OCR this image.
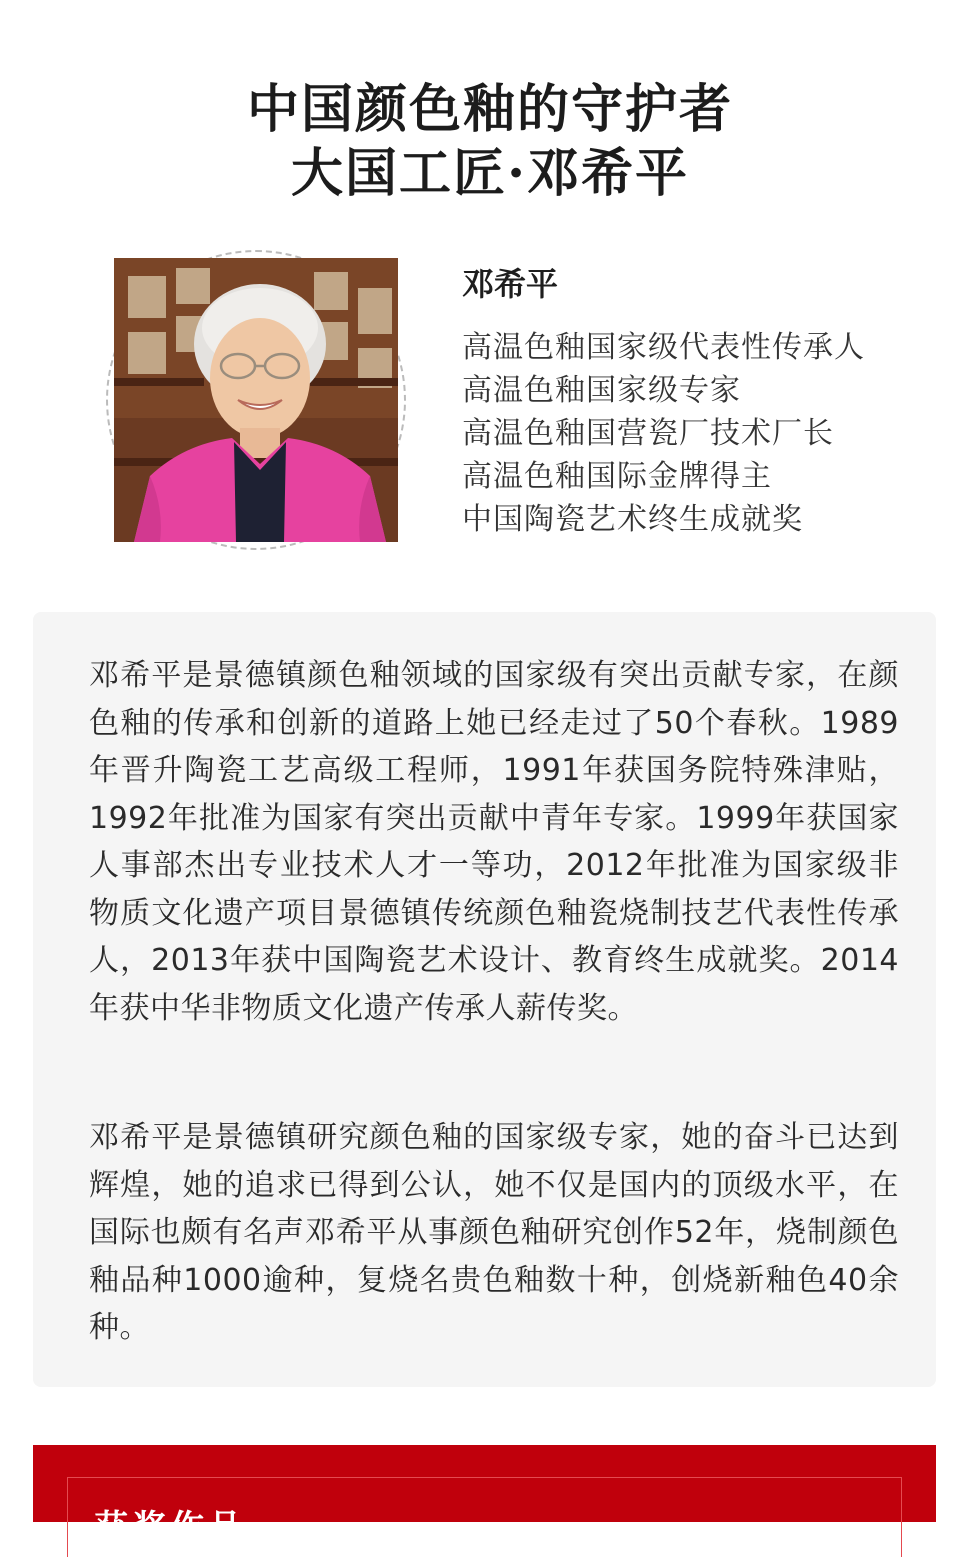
中国颜色釉的守护者
大国工匠·邓希平
邓希平
高温色釉国家级代表性传承人
高温色釉国家级专家
高温色釉国营瓷厂技术厂长
高温色釉国际金牌得主
中国陶瓷艺术终生成就奖

邓希平是景德镇颜色釉领域的国家级有突出贡献专家，在颜色釉的传承和创新的道路上她已经走过了50个春秋。1989年晋升陶瓷工艺高级工程师，1991年获国务院特殊津贴，1992年批准为国家有突出贡献中青年专家。1999年获国家人事部杰出专业技术人才一等功，2012年批准为国家级非物质文化遗产项目景德镇传统颜色釉瓷烧制技艺代表性传承人，2013年获中国陶瓷艺术设计、教育终生成就奖。2014年获中华非物质文化遗产传承人薪传奖。

邓希平是景德镇研究颜色釉的国家级专家，她的奋斗已达到辉煌，她的追求已得到公认，她不仅是国内的顶级水平，在国际也颇有名声邓希平从事颜色釉研究创作52年，烧制颜色釉品种1000逾种，复烧名贵色釉数十种，创烧新釉色40余种。

获奖作品
